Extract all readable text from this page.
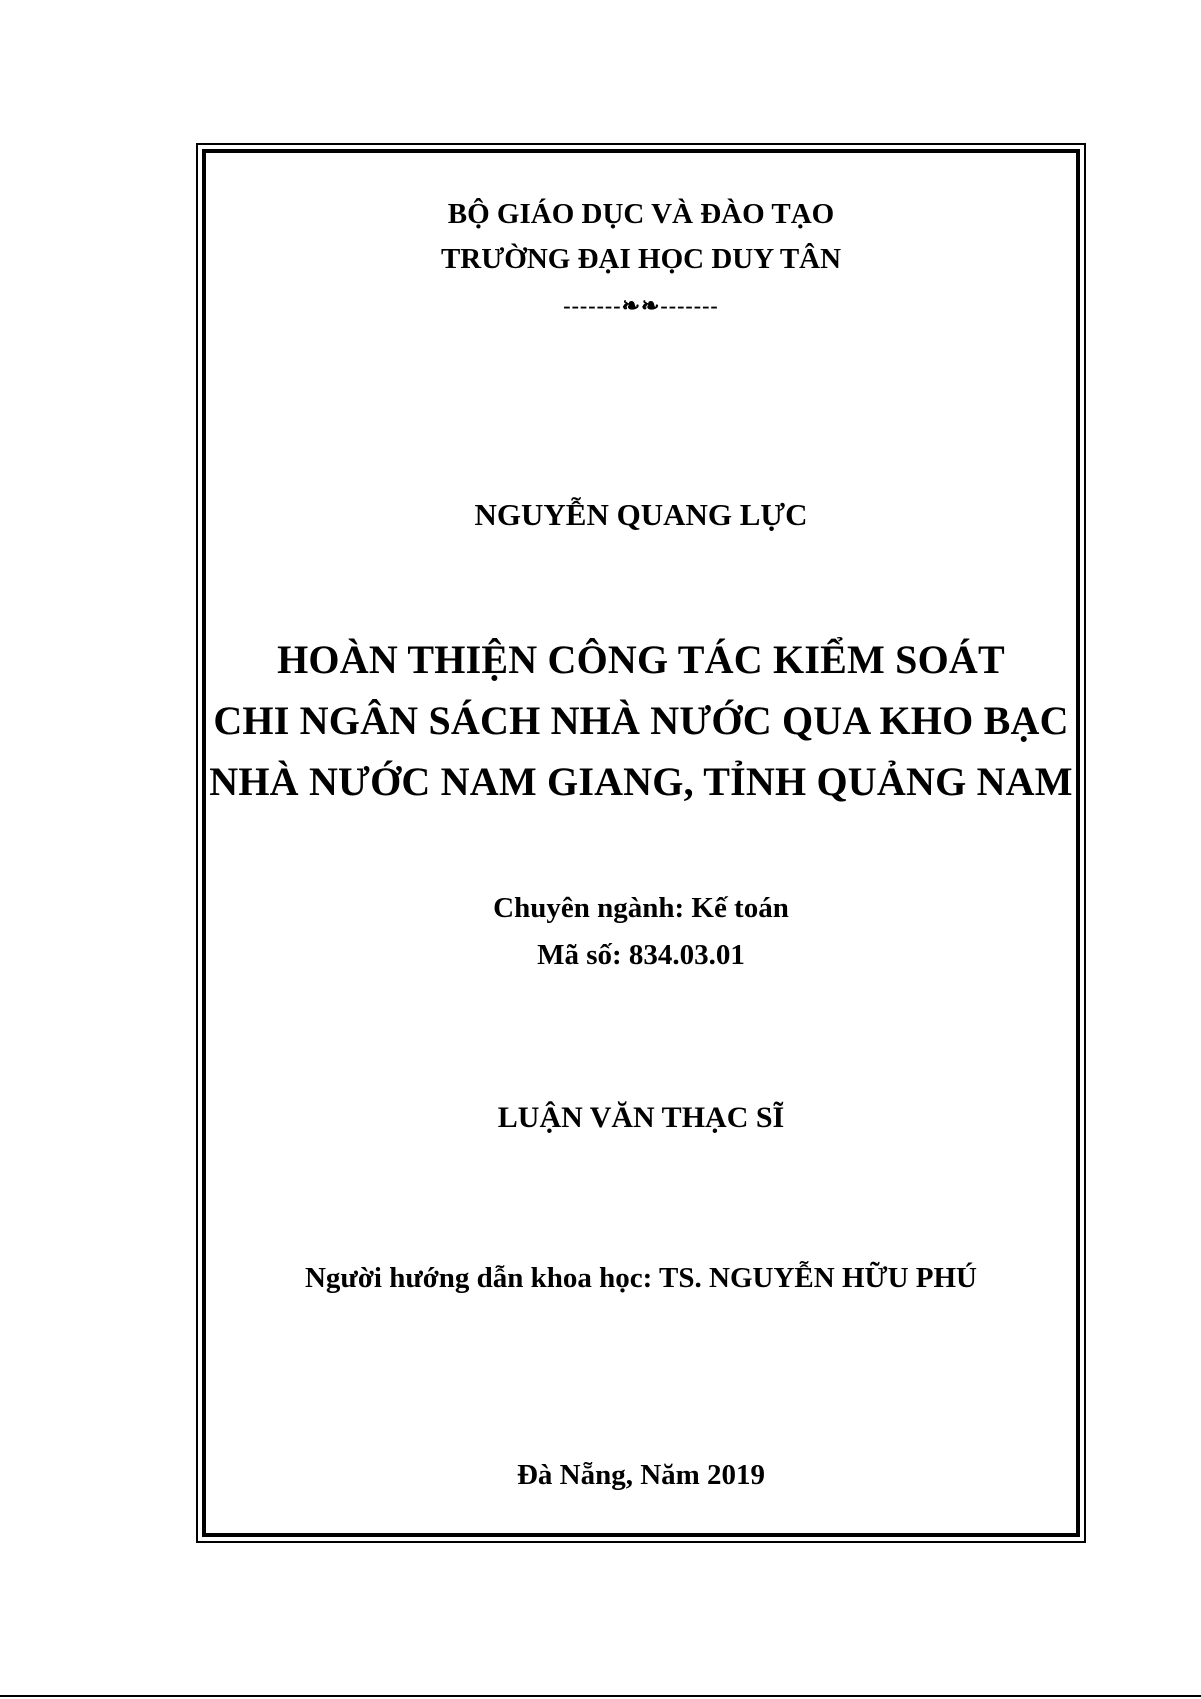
BỘ GIÁO DỤC VÀ ĐÀO TẠO
TRƯỜNG ĐẠI HỌC DUY TÂN
-------❧❧-------
NGUYỄN QUANG LỰC
HOÀN THIỆN CÔNG TÁC KIỂM SOÁT
CHI NGÂN SÁCH NHÀ NƯỚC QUA KHO BẠC
NHÀ NƯỚC NAM GIANG, TỈNH QUẢNG NAM
Chuyên ngành: Kế toán
Mã số: 834.03.01
LUẬN VĂN THẠC SĨ
Người hướng dẫn khoa học: TS. NGUYỄN HỮU PHÚ
Đà Nẵng, Năm 2019
